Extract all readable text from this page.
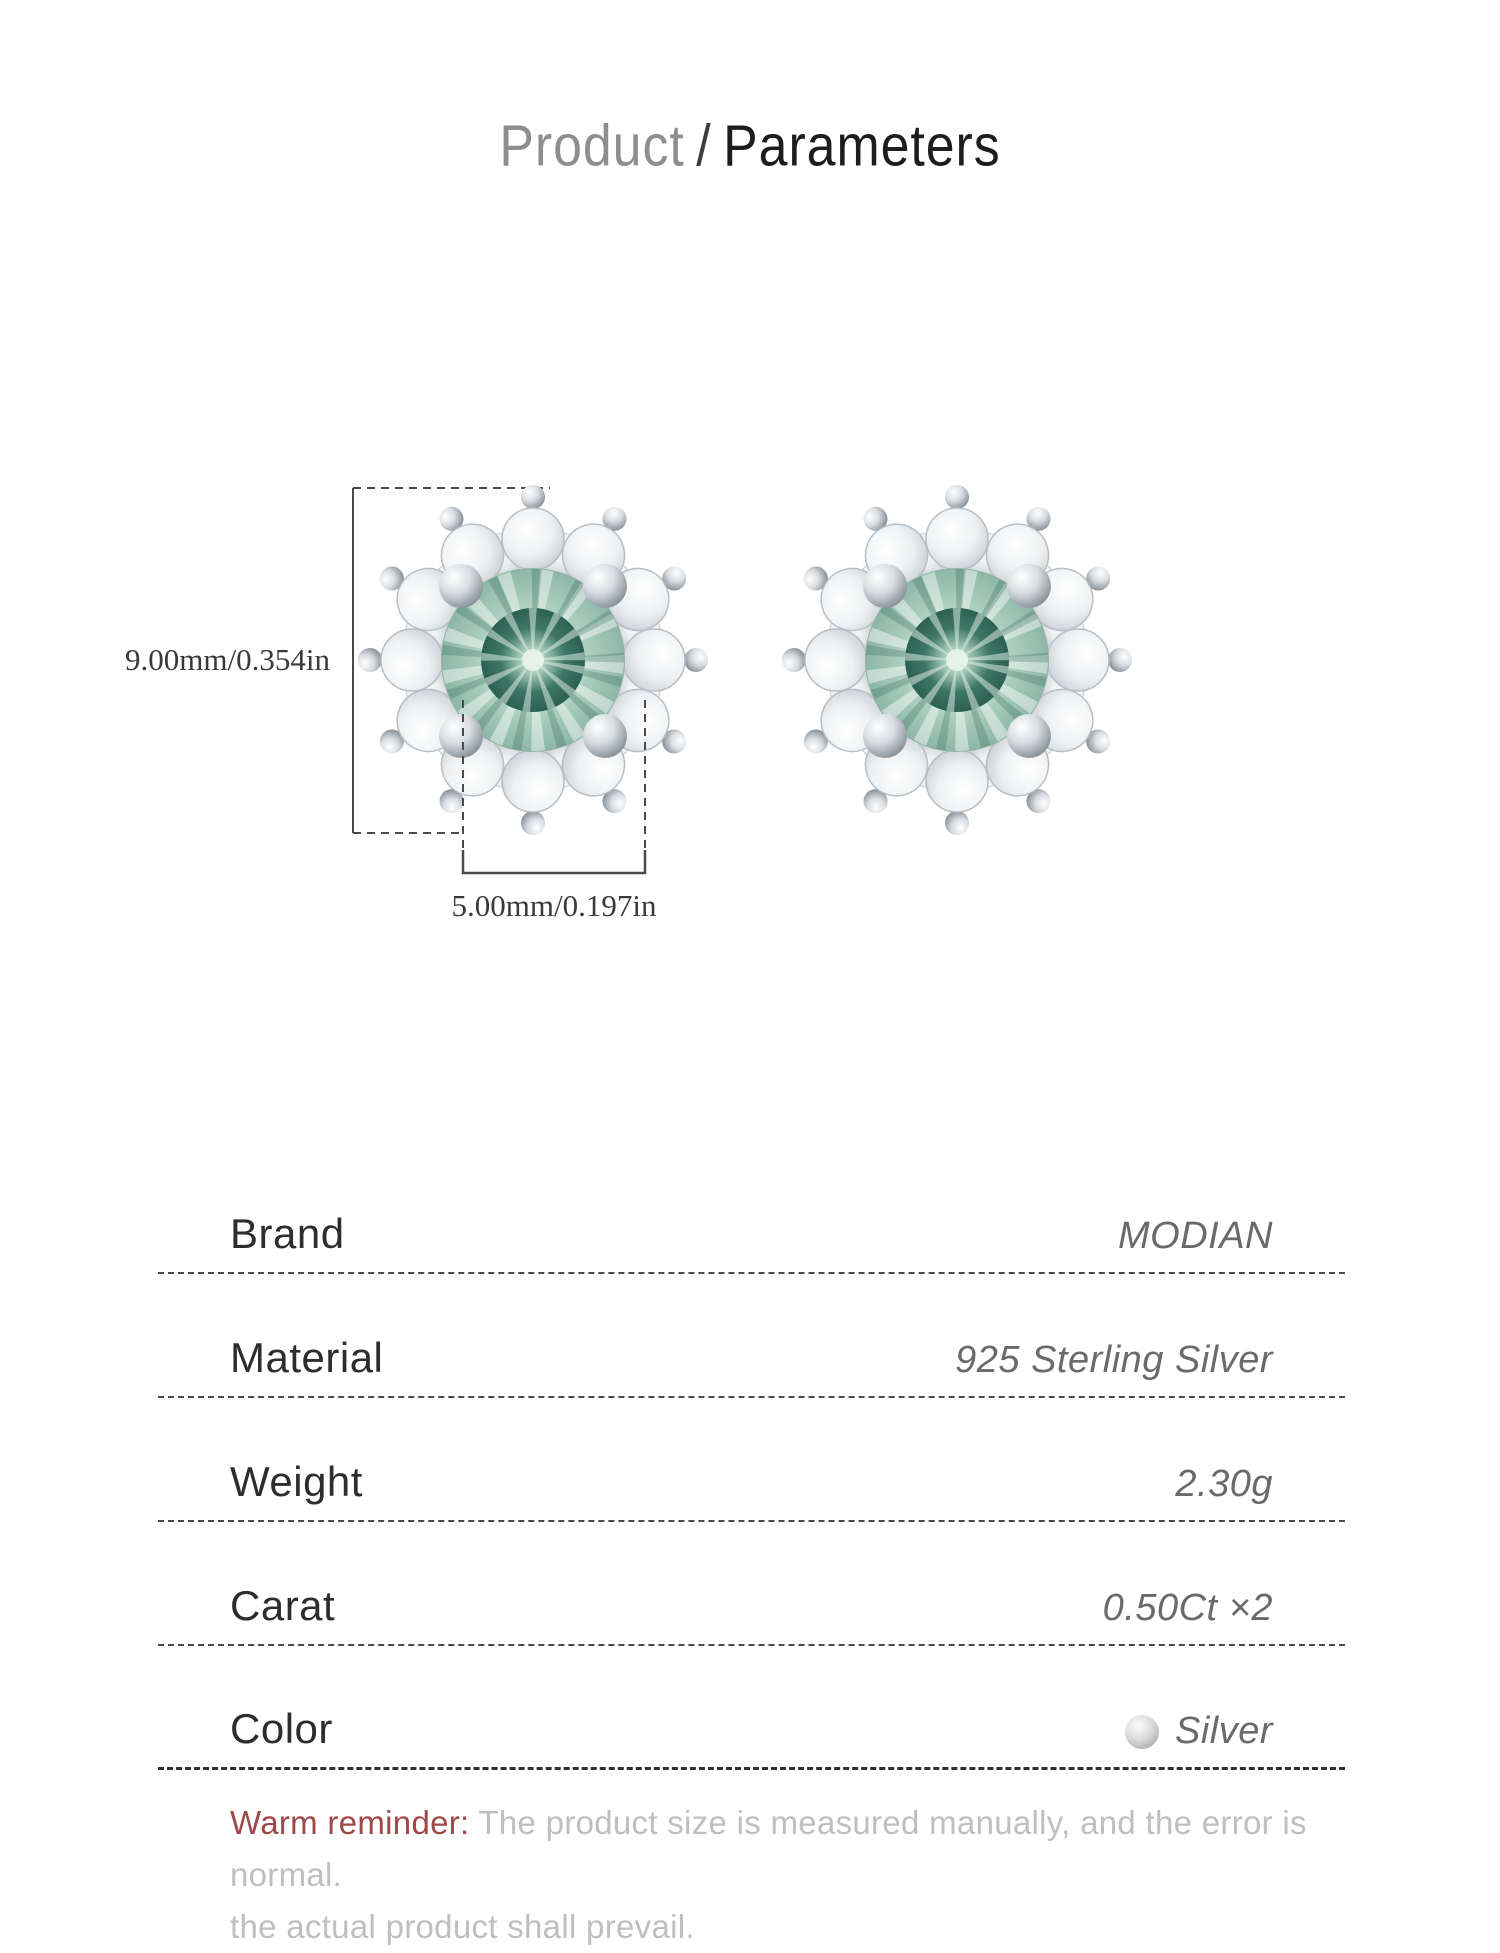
Product / Parameters
9.00mm/0.354in
5.00mm/0.197in
Brand	MODIAN
Material	925 Sterling Silver
Weight	2.30g
Carat	0.50Ct ×2
Color	Silver
Warm reminder: The product size is measured manually, and the error is normal.
the actual product shall prevail.
